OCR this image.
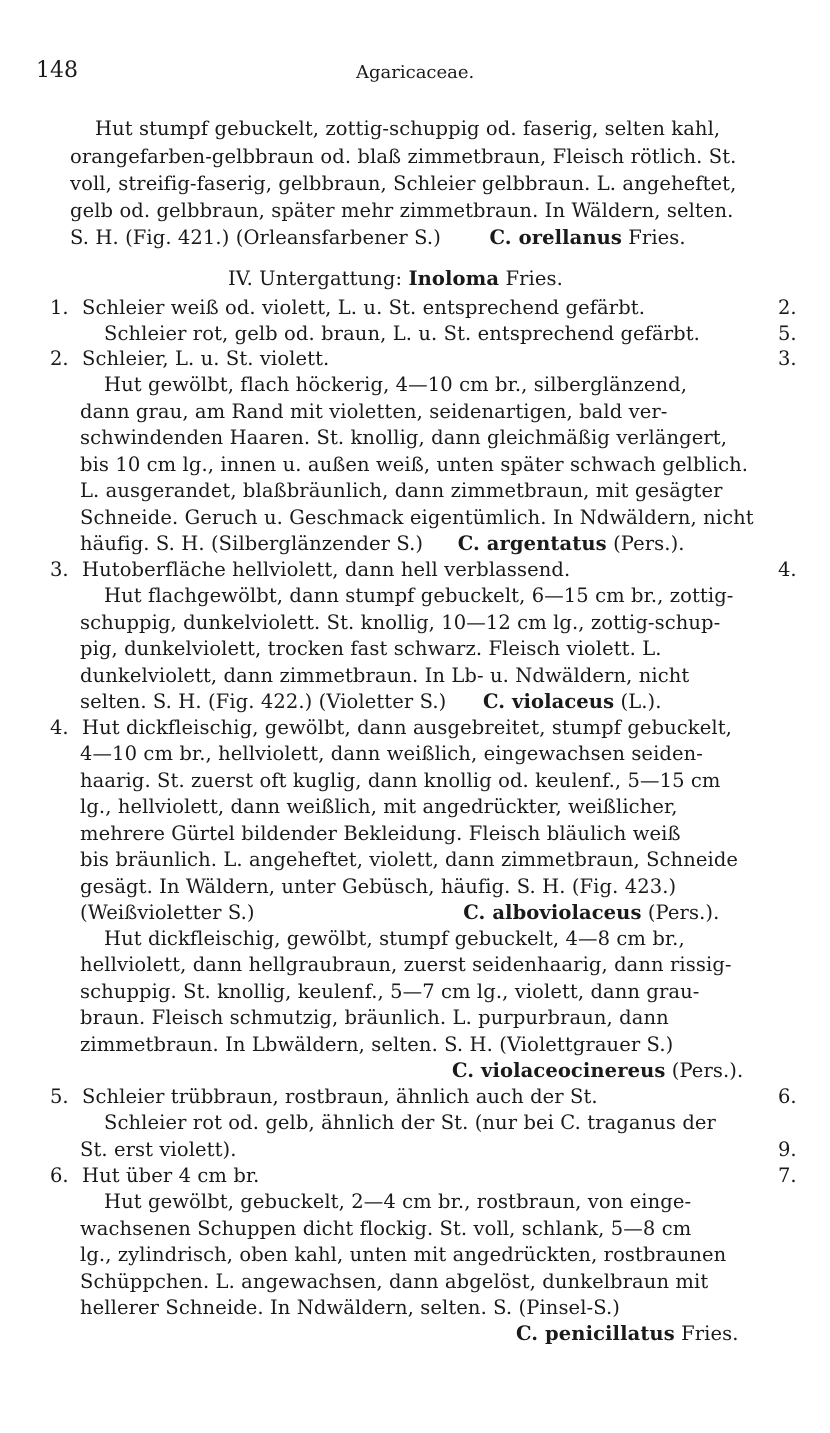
148	Agaricaceae.
Hut stumpf gebuckelt, zottig-schuppig od. faserig, selten kahl,
orangefarben-gelbbraun od. blaß zimmetbraun, Fleisch rötlich. St.
voll, streifig-faserig, gelbbraun, Schleier gelbbraun. L. angeheftet,
gelb od. gelbbraun, später mehr zimmetbraun. In Wäldern, selten.
S. H. (Fig. 421.) (Orleansfarbener S.) C. orellanus Fries.
IV. Untergattung: Inoloma Fries.
1. Schleier weiß od. violett, L. u. St. entsprechend gefärbt.	2.
Schleier rot, gelb od. braun, L. u. St. entsprechend gefärbt.	5.
2. Schleier, L. u. St. violett.	3.
Hut gewölbt, flach höckerig, 4—10 cm br., silberglänzend,
dann grau, am Rand mit violetten, seidenartigen, bald ver-
schwindenden Haaren. St. knollig, dann gleichmäßig verlängert,
bis 10 cm lg., innen u. außen weiß, unten später schwach gelblich.
L. ausgerandet, blaßbräunlich, dann zimmetbraun, mit gesägter
Schneide. Geruch u. Geschmack eigentümlich. In Ndwäldern, nicht
häufig. S. H. (Silberglänzender S.) C. argentatus (Pers.).
3. Hutoberfläche hellviolett, dann hell verblassend.	4.
Hut flachgewölbt, dann stumpf gebuckelt, 6—15 cm br., zottig-
schuppig, dunkelviolett. St. knollig, 10—12 cm lg., zottig-schup-
pig, dunkelviolett, trocken fast schwarz. Fleisch violett. L.
dunkelviolett, dann zimmetbraun. In Lb- u. Ndwäldern, nicht
selten. S. H. (Fig. 422.) (Violetter S.) C. violaceus (L.).
4. Hut dickfleischig, gewölbt, dann ausgebreitet, stumpf gebuckelt,
4—10 cm br., hellviolett, dann weißlich, eingewachsen seiden-
haarig. St. zuerst oft kuglig, dann knollig od. keulenf., 5—15 cm
lg., hellviolett, dann weißlich, mit angedrückter, weißlicher,
mehrere Gürtel bildender Bekleidung. Fleisch bläulich weiß
bis bräunlich. L. angeheftet, violett, dann zimmetbraun, Schneide
gesägt. In Wäldern, unter Gebüsch, häufig. S. H. (Fig. 423.)
(Weißvioletter S.)	C. alboviolaceus (Pers.).
Hut dickfleischig, gewölbt, stumpf gebuckelt, 4—8 cm br.,
hellviolett, dann hellgraubraun, zuerst seidenhaarig, dann rissig-
schuppig. St. knollig, keulenf., 5—7 cm lg., violett, dann grau-
braun. Fleisch schmutzig, bräunlich. L. purpurbraun, dann
zimmetbraun. In Lbwäldern, selten. S. H. (Violettgrauer S.)
C. violaceocinereus (Pers.).
5. Schleier trübbraun, rostbraun, ähnlich auch der St.	6.
Schleier rot od. gelb, ähnlich der St. (nur bei C. traganus der
St. erst violett).	9.
6. Hut über 4 cm br.	7.
Hut gewölbt, gebuckelt, 2—4 cm br., rostbraun, von einge-
wachsenen Schuppen dicht flockig. St. voll, schlank, 5—8 cm
lg., zylindrisch, oben kahl, unten mit angedrückten, rostbraunen
Schüppchen. L. angewachsen, dann abgelöst, dunkelbraun mit
hellerer Schneide. In Ndwäldern, selten. S. (Pinsel-S.)
C. penicillatus Fries.
